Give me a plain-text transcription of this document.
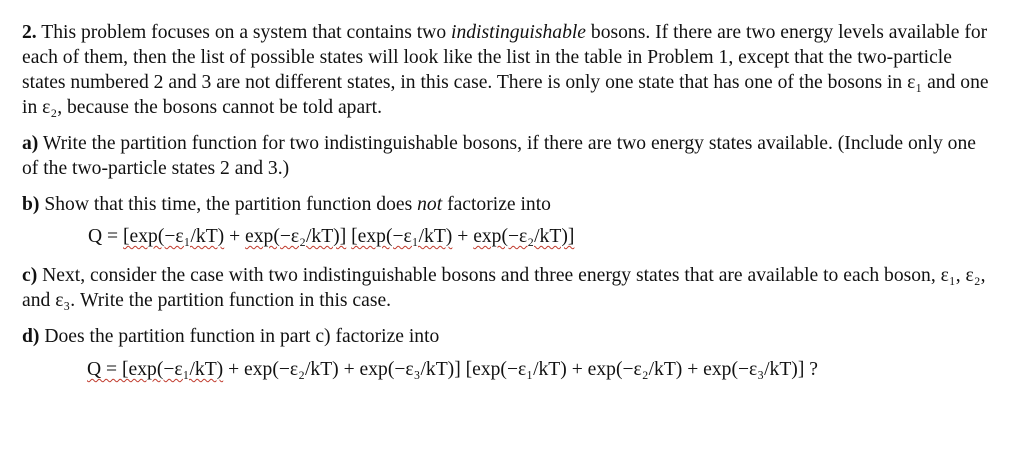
2. This problem focuses on a system that contains two indistinguishable bosons. If there are two energy levels available for each of them, then the list of possible states will look like the list in the table in Problem 1, except that the two-particle states numbered 2 and 3 are not different states, in this case. There is only one state that has one of the bosons in ε₁ and one in ε₂, because the bosons cannot be told apart.

a) Write the partition function for two indistinguishable bosons, if there are two energy states available. (Include only one of the two-particle states 2 and 3.)

b) Show that this time, the partition function does not factorize into

Q = [exp(−ε₁/kT) + exp(−ε₂/kT)] [exp(−ε₁/kT) + exp(−ε₂/kT)]

c) Next, consider the case with two indistinguishable bosons and three energy states that are available to each boson, ε₁, ε₂, and ε₃. Write the partition function in this case.

d) Does the partition function in part c) factorize into

Q = [exp(−ε₁/kT) + exp(−ε₂/kT) + exp(−ε₃/kT)] [exp(−ε₁/kT) + exp(−ε₂/kT) + exp(−ε₃/kT)] ?
